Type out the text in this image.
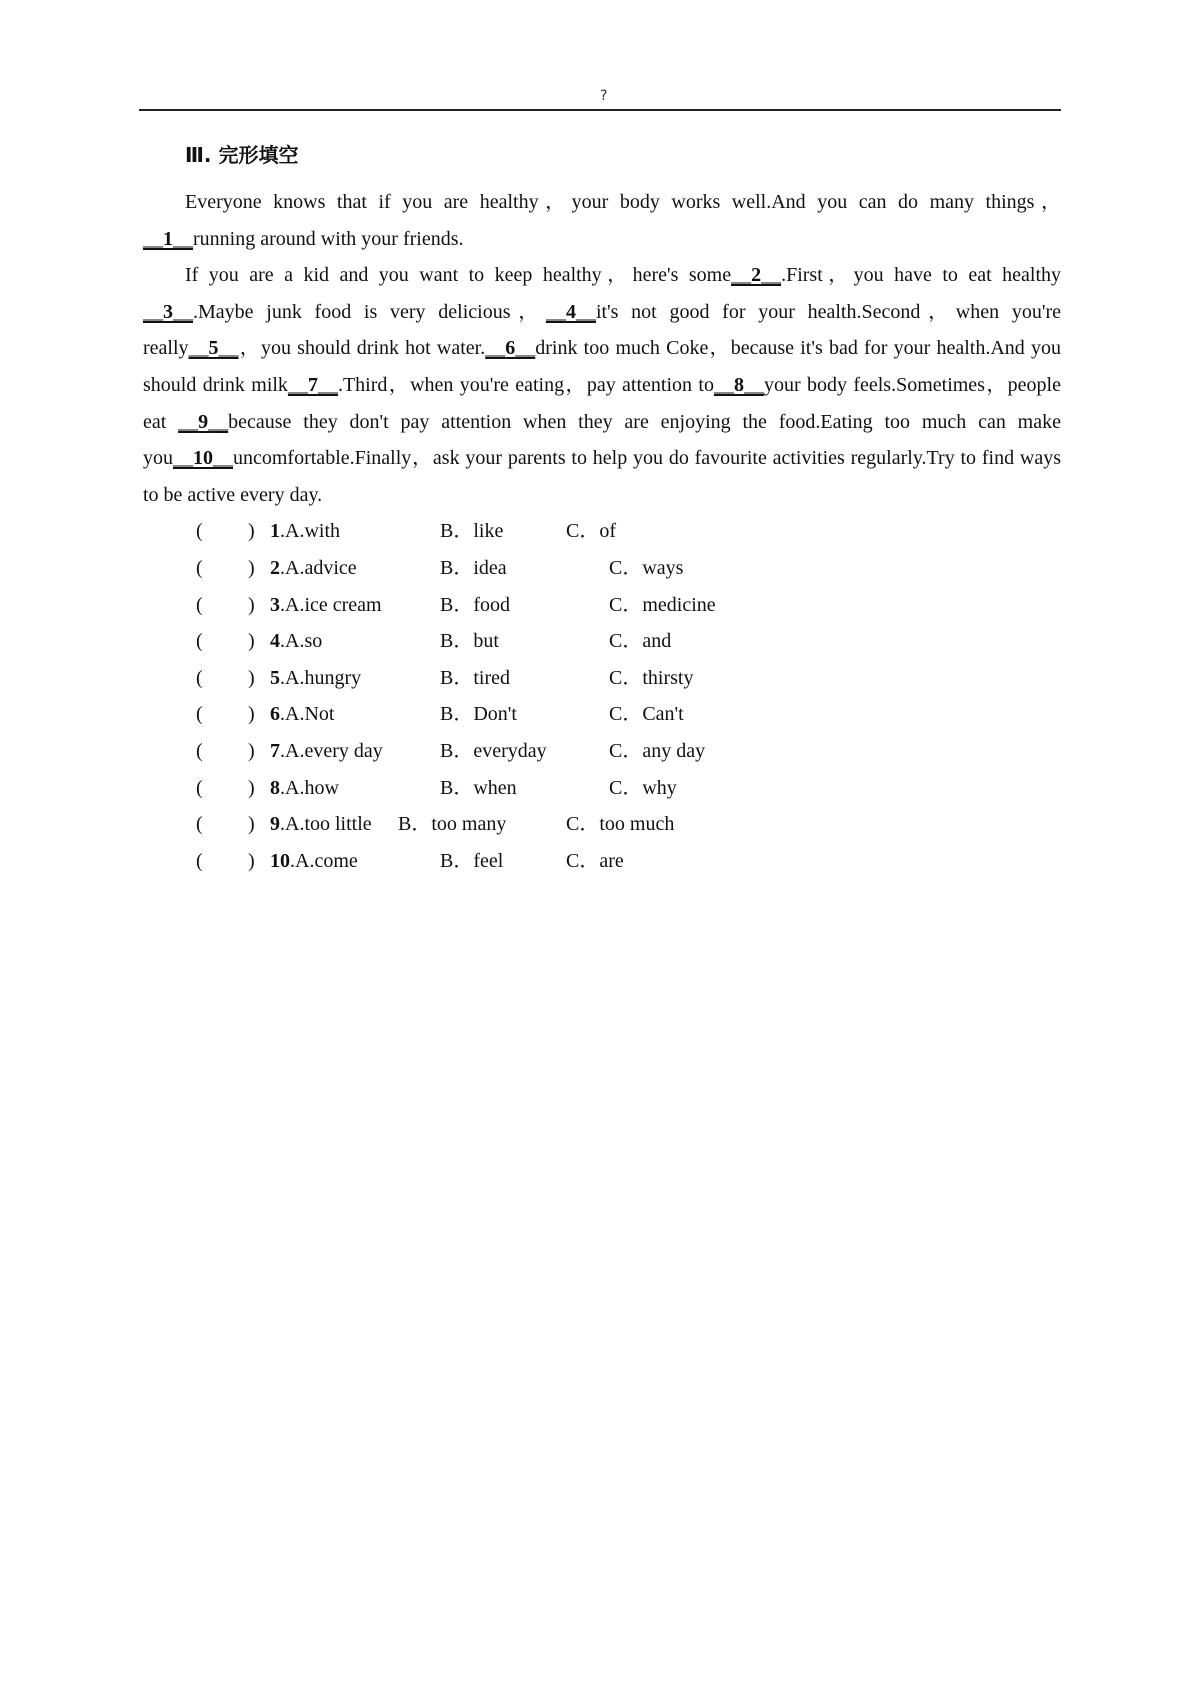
?
Ⅲ. 完形填空

Everyone knows that if you are healthy，your body works well.And you can do many things，__1__running around with your friends.

If you are a kid and you want to keep healthy，here's some__2__.First，you have to eat healthy __3__.Maybe junk food is very delicious，__4__it's not good for your health.Second，when you're really__5__，you should drink hot water.__6__drink too much Coke，because it's bad for your health.And you should drink milk__7__.Third，when you're eating，pay attention to__8__your body feels.Sometimes，people eat __9__because they don't pay attention when they are enjoying the food.Eating too much can make you__10__uncomfortable.Finally，ask your parents to help you do favourite activities regularly.Try to find ways to be active every day.

( ) 1.A.with	B．like	C．of
( ) 2.A.advice	B．idea	C．ways
( ) 3.A.ice cream	B．food	C．medicine
( ) 4.A.so	B．but	C．and
( ) 5.A.hungry	B．tired	C．thirsty
( ) 6.A.Not	B．Don't	C．Can't
( ) 7.A.every day	B．everyday	C．any day
( ) 8.A.how	B．when	C．why
( ) 9.A.too little B．too many	C．too much
( ) 10.A.come	B．feel	C．are
